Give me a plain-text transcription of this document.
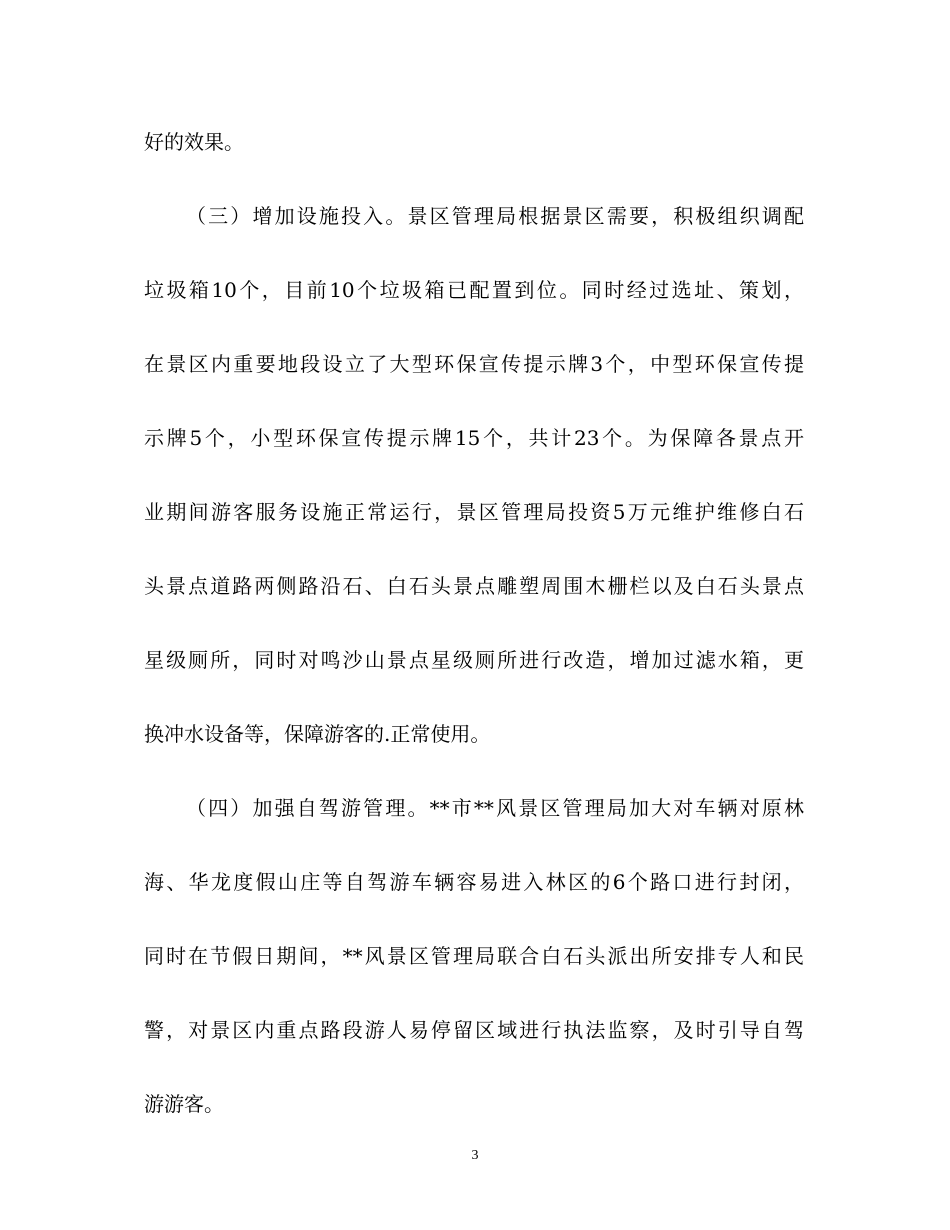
好的效果。
（三）增加设施投入。景区管理局根据景区需要，积极组织调配
垃圾箱10个，目前10个垃圾箱已配置到位。同时经过选址、策划，
在景区内重要地段设立了大型环保宣传提示牌3个，中型环保宣传提
示牌5个，小型环保宣传提示牌15个，共计23个。为保障各景点开
业期间游客服务设施正常运行，景区管理局投资5万元维护维修白石
头景点道路两侧路沿石、白石头景点雕塑周围木栅栏以及白石头景点
星级厕所，同时对鸣沙山景点星级厕所进行改造，增加过滤水箱，更
换冲水设备等，保障游客的.正常使用。
（四）加强自驾游管理。**市**风景区管理局加大对车辆对原林
海、华龙度假山庄等自驾游车辆容易进入林区的6个路口进行封闭，
同时在节假日期间，**风景区管理局联合白石头派出所安排专人和民
警，对景区内重点路段游人易停留区域进行执法监察，及时引导自驾
游游客。
3
